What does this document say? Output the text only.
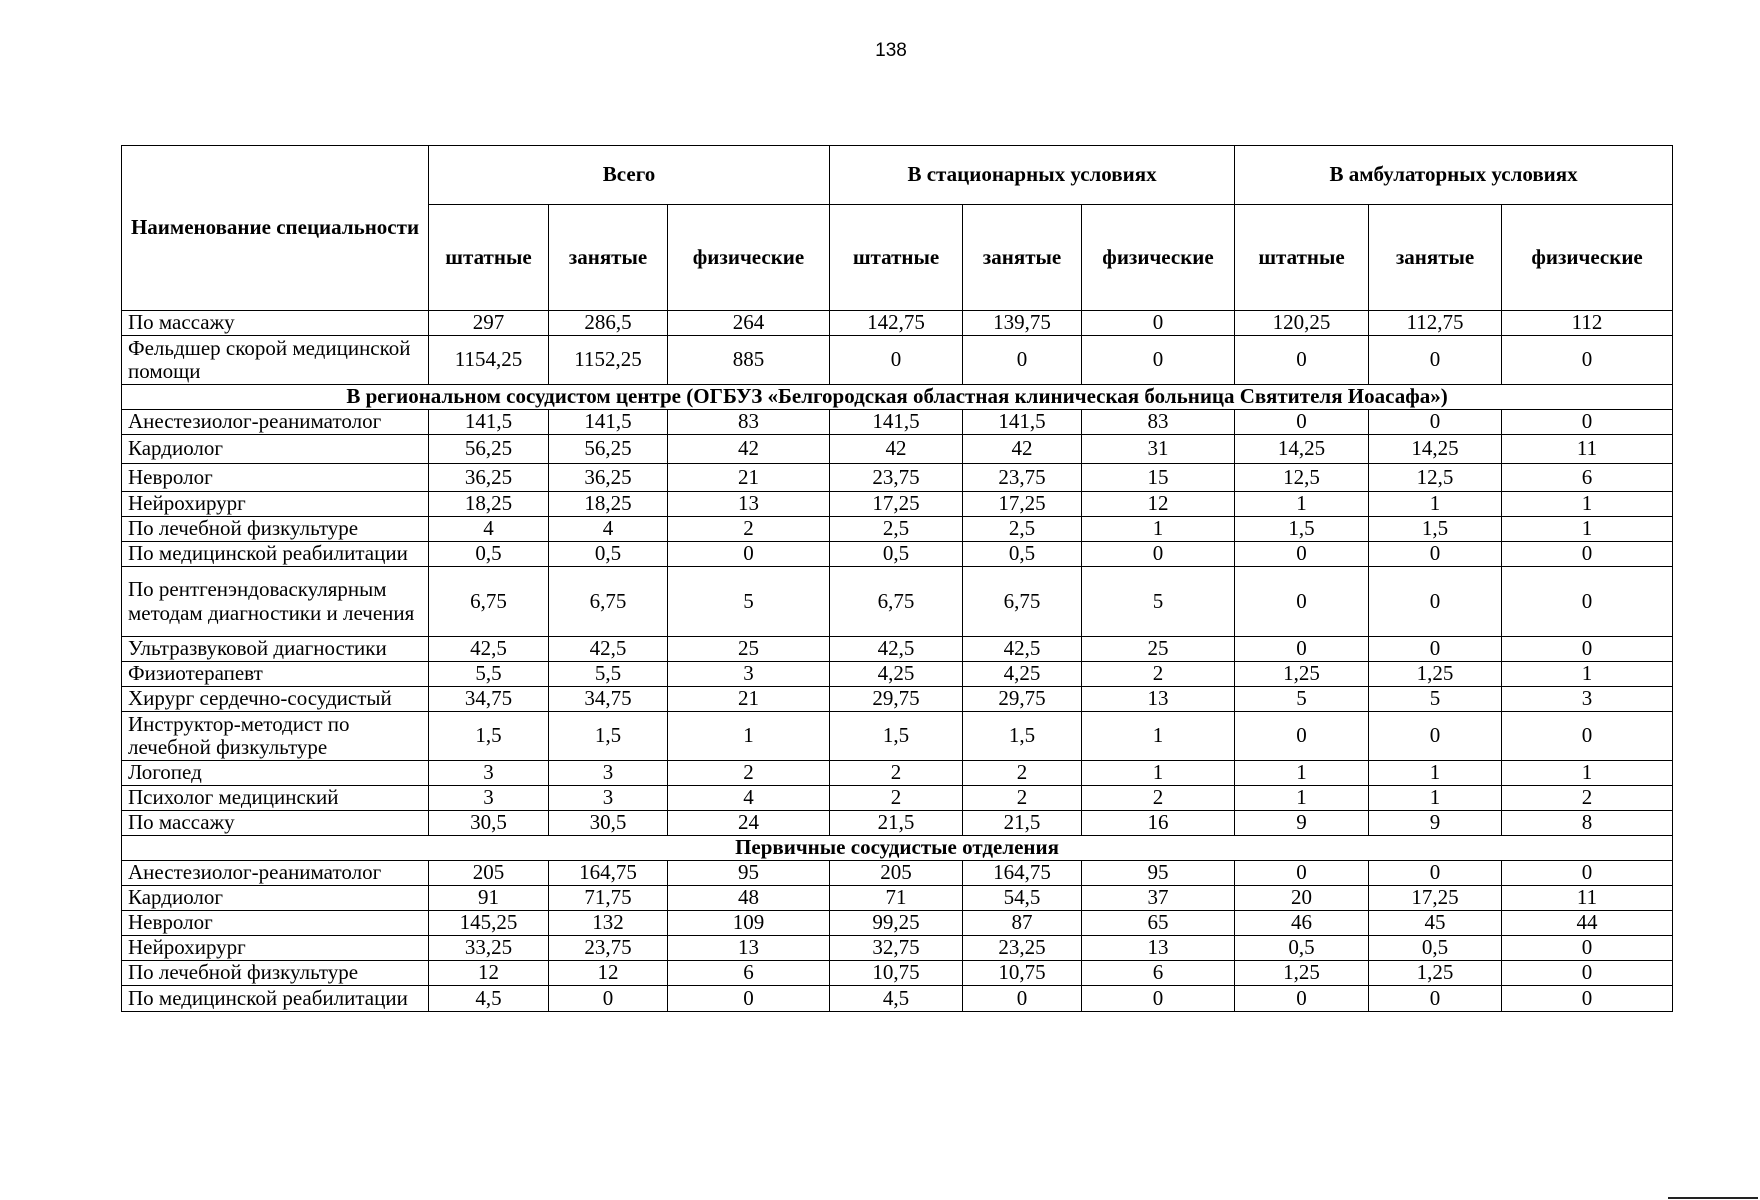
138
Наименование специальности	Всего			В стационарных условиях			В амбулаторных условиях		
	штатные	занятые	физические	штатные	занятые	физические	штатные	занятые	физические
По массажу	297	286,5	264	142,75	139,75	0	120,25	112,75	112
Фельдшер скорой медицинской помощи	1154,25	1152,25	885	0	0	0	0	0	0
В региональном сосудистом центре (ОГБУЗ «Белгородская областная клиническая больница Святителя Иоасафа»)									
Анестезиолог-реаниматолог	141,5	141,5	83	141,5	141,5	83	0	0	0
Кардиолог	56,25	56,25	42	42	42	31	14,25	14,25	11
Невролог	36,25	36,25	21	23,75	23,75	15	12,5	12,5	6
Нейрохирург	18,25	18,25	13	17,25	17,25	12	1	1	1
По лечебной физкультуре	4	4	2	2,5	2,5	1	1,5	1,5	1
По медицинской реабилитации	0,5	0,5	0	0,5	0,5	0	0	0	0
По рентгенэндоваскулярным методам диагностики и лечения	6,75	6,75	5	6,75	6,75	5	0	0	0
Ультразвуковой диагностики	42,5	42,5	25	42,5	42,5	25	0	0	0
Физиотерапевт	5,5	5,5	3	4,25	4,25	2	1,25	1,25	1
Хирург сердечно-сосудистый	34,75	34,75	21	29,75	29,75	13	5	5	3
Инструктор-методист по лечебной физкультуре	1,5	1,5	1	1,5	1,5	1	0	0	0
Логопед	3	3	2	2	2	1	1	1	1
Психолог медицинский	3	3	4	2	2	2	1	1	2
По массажу	30,5	30,5	24	21,5	21,5	16	9	9	8
Первичные сосудистые отделения									
Анестезиолог-реаниматолог	205	164,75	95	205	164,75	95	0	0	0
Кардиолог	91	71,75	48	71	54,5	37	20	17,25	11
Невролог	145,25	132	109	99,25	87	65	46	45	44
Нейрохирург	33,25	23,75	13	32,75	23,25	13	0,5	0,5	0
По лечебной физкультуре	12	12	6	10,75	10,75	6	1,25	1,25	0
По медицинской реабилитации	4,5	0	0	4,5	0	0	0	0	0
